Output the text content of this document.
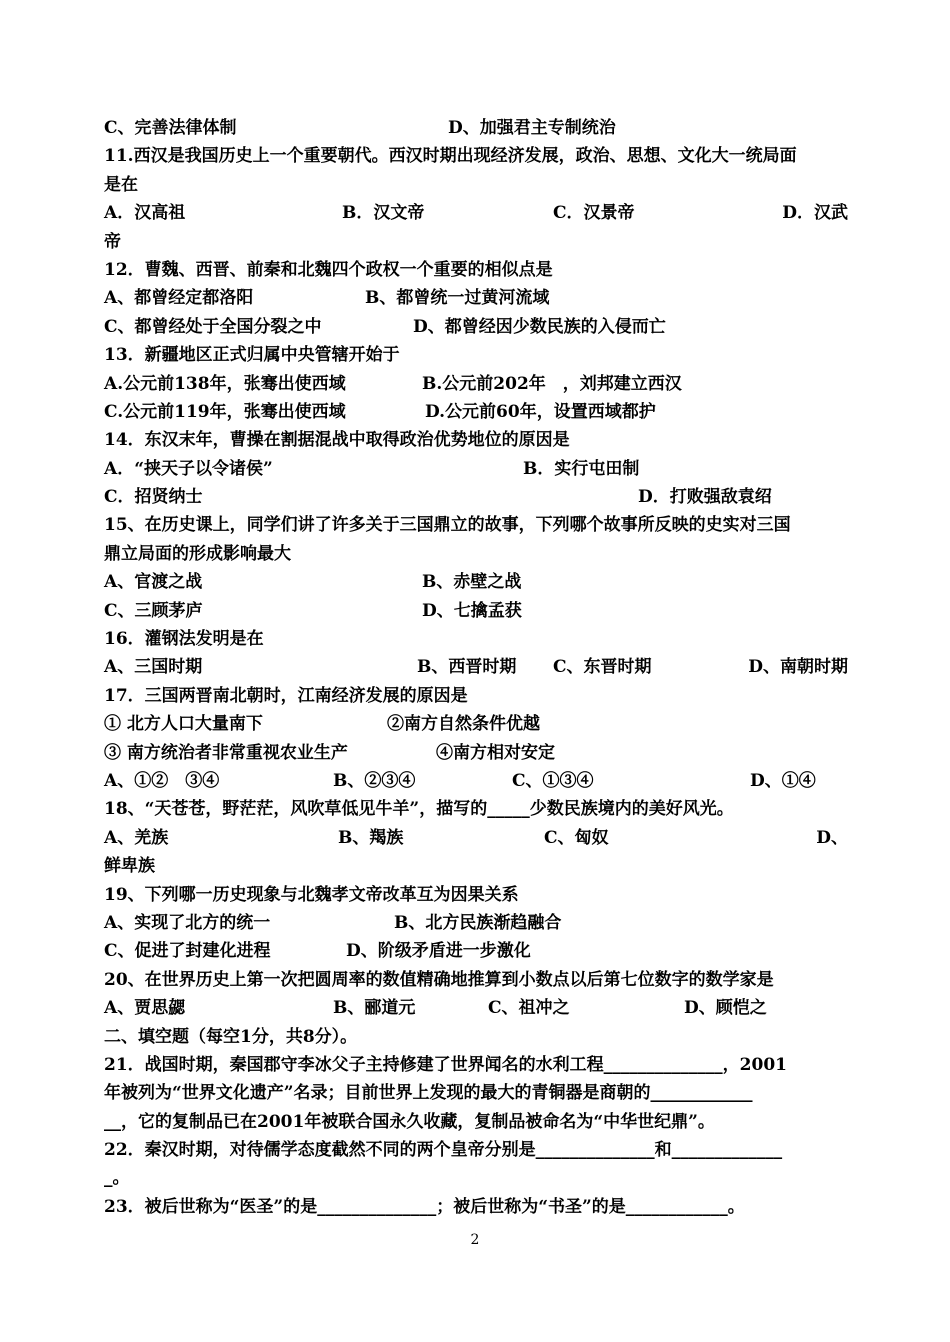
C、完善法律体制	D、加强君主专制统治
11.西汉是我国历史上一个重要朝代。西汉时期出现经济发展，政治、思想、文化大一统局面
是在
A．汉高祖	B．汉文帝	C．汉景帝	D．汉武
帝
12．曹魏、西晋、前秦和北魏四个政权一个重要的相似点是
A、都曾经定都洛阳	B、都曾统一过黄河流域
C、都曾经处于全国分裂之中	D、都曾经因少数民族的入侵而亡
13．新疆地区正式归属中央管辖开始于
A.公元前138年，张骞出使西域	B.公元前202年　，刘邦建立西汉
C.公元前119年，张骞出使西域	D.公元前60年，设置西域都护
14．东汉末年，曹操在割据混战中取得政治优势地位的原因是
A．“挟天子以令诸侯”	B．实行屯田制
C．招贤纳士	D．打败强敌袁绍
15、在历史课上，同学们讲了许多关于三国鼎立的故事，下列哪个故事所反映的史实对三国
鼎立局面的形成影响最大
A、官渡之战	B、赤壁之战
C、三顾茅庐	D、七擒孟获
16．灌钢法发明是在
A、三国时期	B、西晋时期 C、东晋时期	D、南朝时期
17．三国两晋南北朝时，江南经济发展的原因是
① 北方人口大量南下	②南方自然条件优越
③ 南方统治者非常重视农业生产	④南方相对安定
A、①②　③④	B、②③④	C、①③④	D、①④
18、“天苍苍，野茫茫，风吹草低见牛羊”，描写的_____少数民族境内的美好风光。
A、羌族	B、羯族	C、匈奴	D、
鲜卑族
19、下列哪一历史现象与北魏孝文帝改革互为因果关系
A、实现了北方的统一	B、北方民族渐趋融合
C、促进了封建化进程	D、阶级矛盾进一步激化
20、在世界历史上第一次把圆周率的数值精确地推算到小数点以后第七位数字的数学家是
A、贾思勰	B、郦道元	C、祖冲之	D、顾恺之
二、填空题（每空1分，共8分）。
21．战国时期，秦国郡守李冰父子主持修建了世界闻名的水利工程______________，2001
年被列为“世界文化遗产”名录；目前世界上发现的最大的青铜器是商朝的____________
__，它的复制品已在2001年被联合国永久收藏，复制品被命名为“中华世纪鼎”。
22．秦汉时期，对待儒学态度截然不同的两个皇帝分别是______________和_____________
_。
23．被后世称为“医圣”的是______________；被后世称为“书圣”的是____________。
2
